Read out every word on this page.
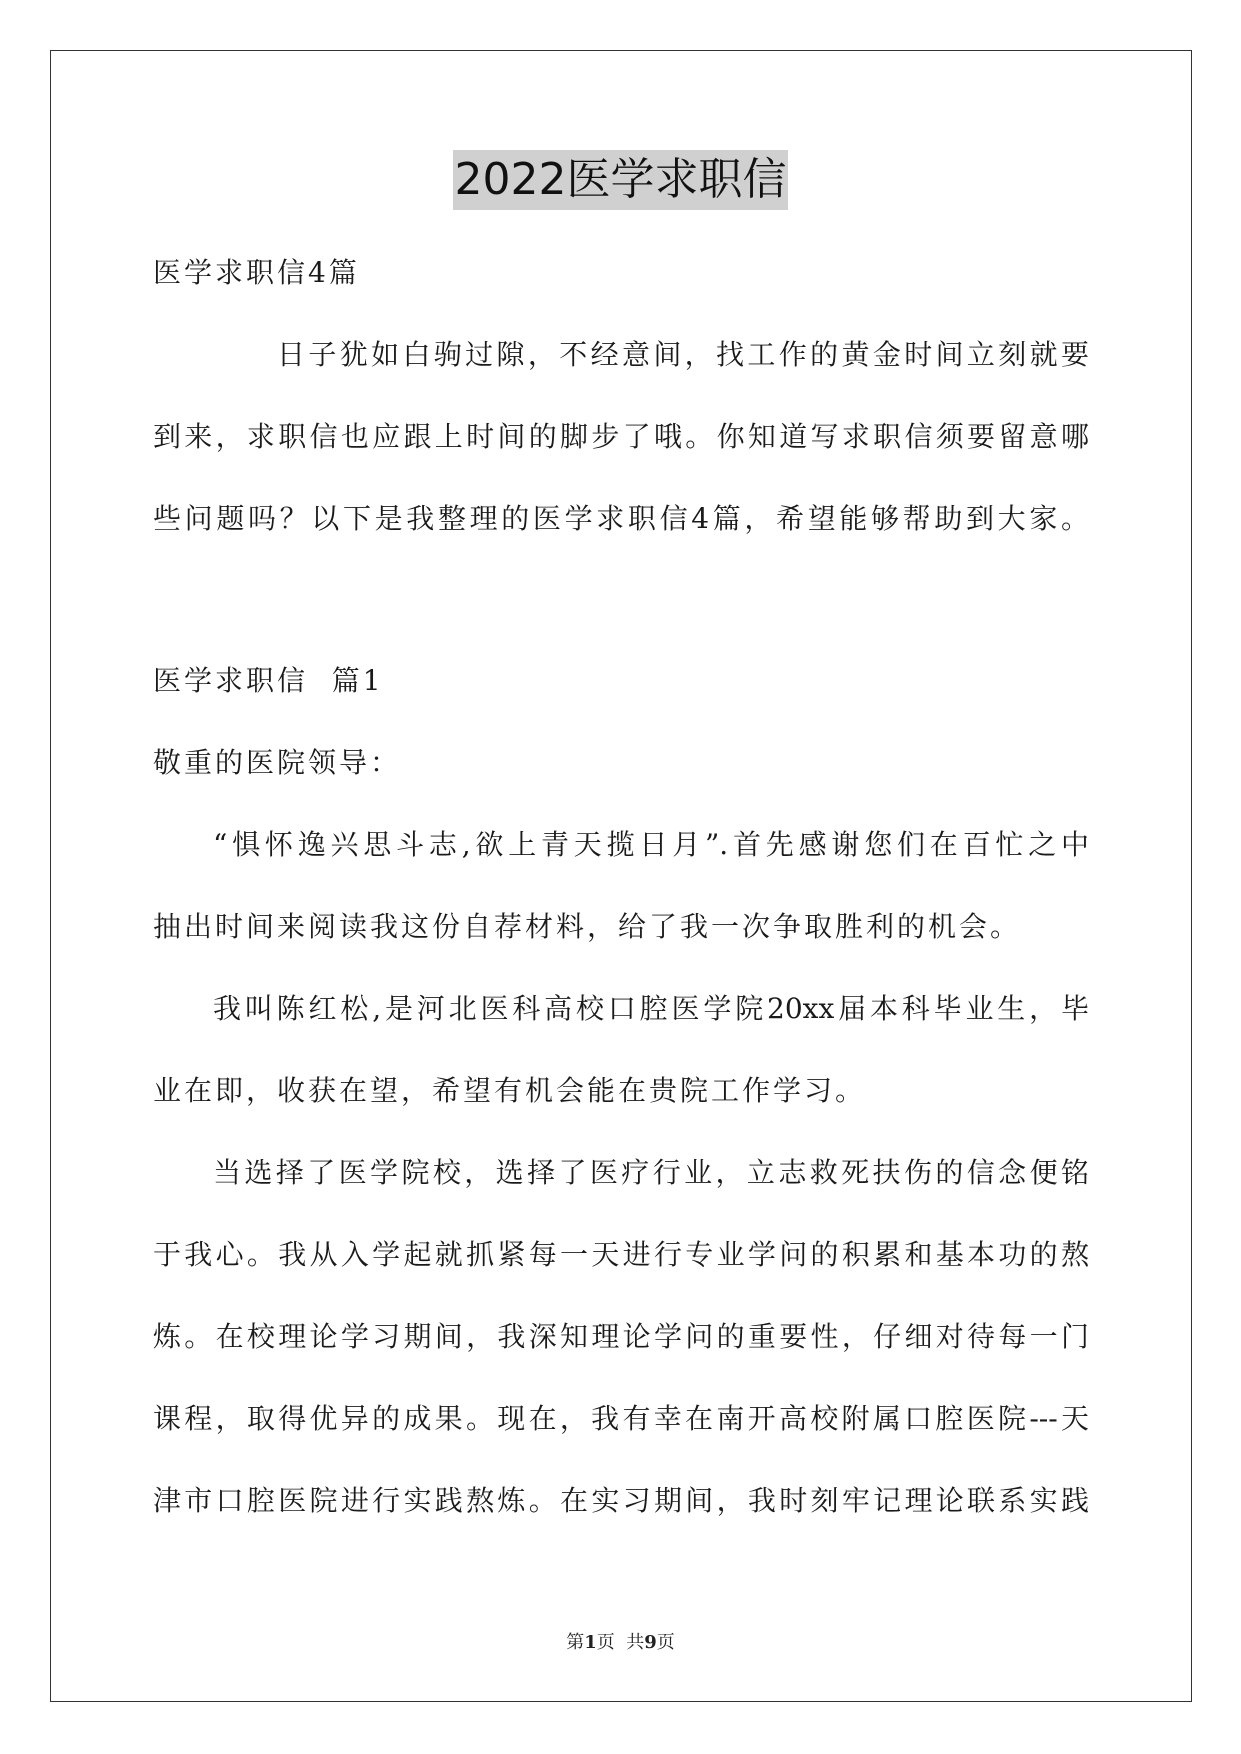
2022医学求职信
医学求职信4篇
日子犹如白驹过隙，不经意间，找工作的黄金时间立刻就要
到来，求职信也应跟上时间的脚步了哦。你知道写求职信须要留意哪
些问题吗？以下是我整理的医学求职信4篇，希望能够帮助到大家。
医学求职信  篇1
敬重的医院领导：
“惧怀逸兴思斗志,欲上青天揽日月”.首先感谢您们在百忙之中
抽出时间来阅读我这份自荐材料，给了我一次争取胜利的机会。
我叫陈红松,是河北医科高校口腔医学院20xx届本科毕业生，毕
业在即，收获在望，希望有机会能在贵院工作学习。
当选择了医学院校，选择了医疗行业，立志救死扶伤的信念便铭
于我心。我从入学起就抓紧每一天进行专业学问的积累和基本功的熬
炼。在校理论学习期间，我深知理论学问的重要性，仔细对待每一门
课程，取得优异的成果。现在，我有幸在南开高校附属口腔医院---天
津市口腔医院进行实践熬炼。在实习期间，我时刻牢记理论联系实践
第1页  共9页
